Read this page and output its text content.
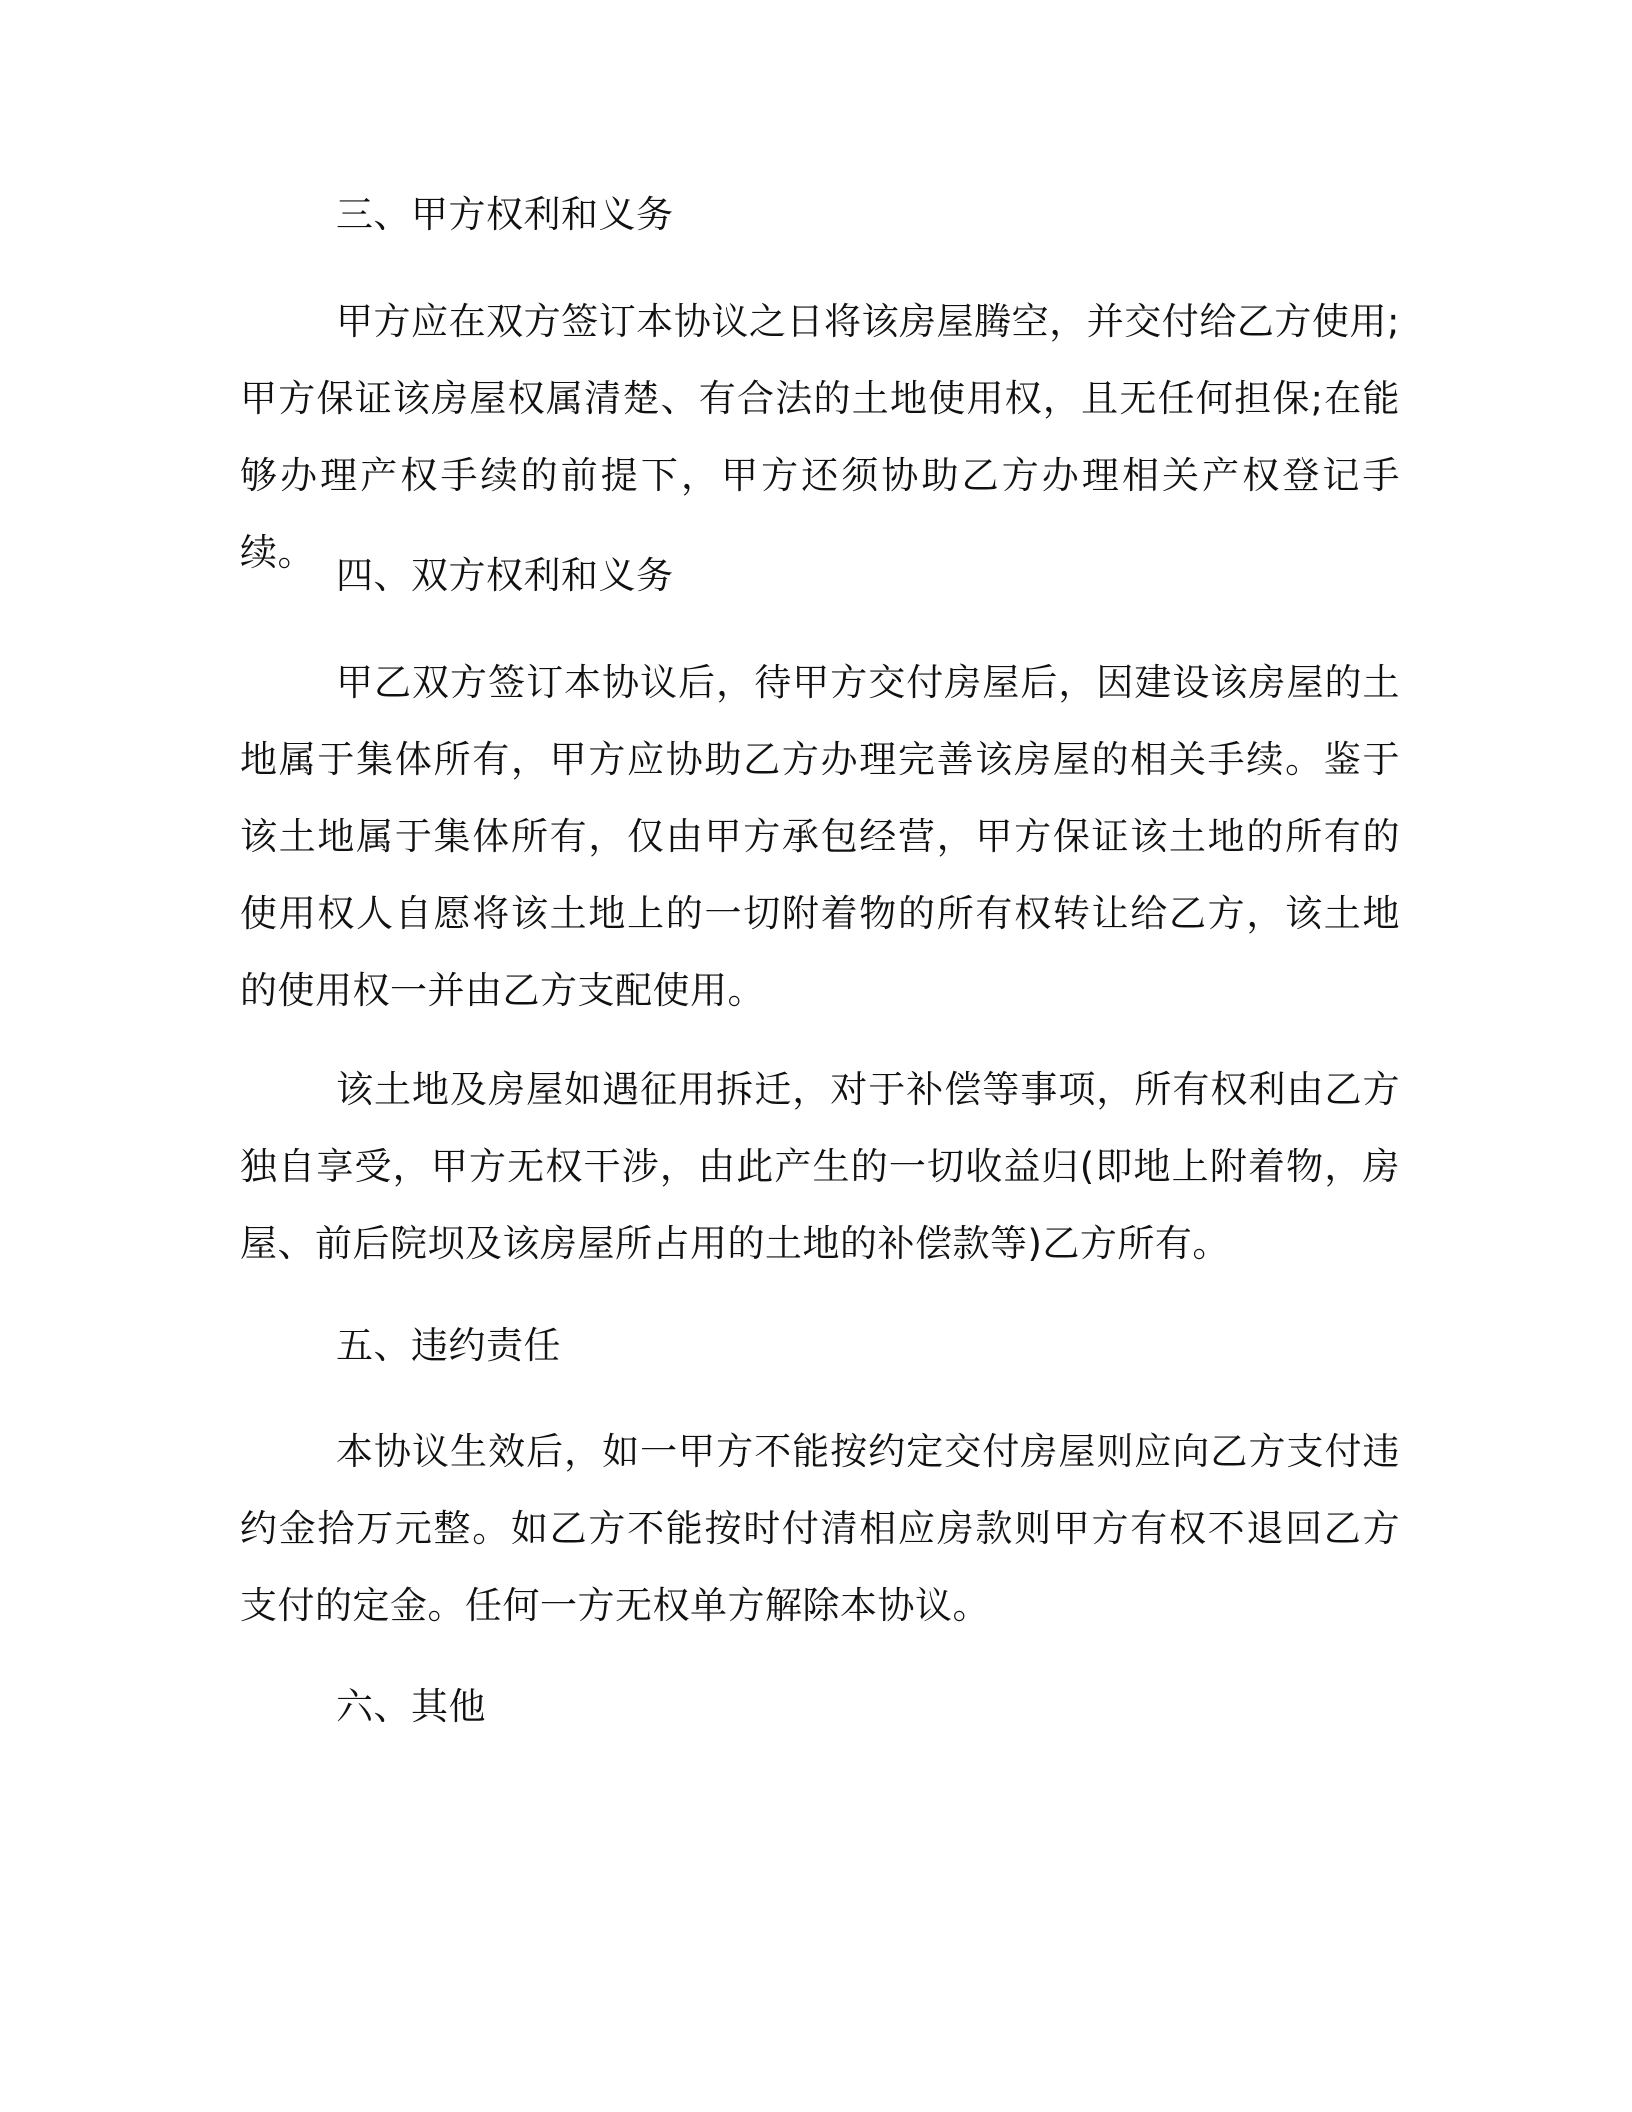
三、甲方权利和义务

甲方应在双方签订本协议之日将该房屋腾空，并交付给乙方使用;甲方保证该房屋权属清楚、有合法的土地使用权，且无任何担保;在能够办理产权手续的前提下，甲方还须协助乙方办理相关产权登记手续。

四、双方权利和义务

甲乙双方签订本协议后，待甲方交付房屋后，因建设该房屋的土地属于集体所有，甲方应协助乙方办理完善该房屋的相关手续。鉴于该土地属于集体所有，仅由甲方承包经营，甲方保证该土地的所有的使用权人自愿将该土地上的一切附着物的所有权转让给乙方，该土地的使用权一并由乙方支配使用。

该土地及房屋如遇征用拆迁，对于补偿等事项，所有权利由乙方独自享受，甲方无权干涉，由此产生的一切收益归(即地上附着物，房屋、前后院坝及该房屋所占用的土地的补偿款等)乙方所有。

五、违约责任

本协议生效后，如一甲方不能按约定交付房屋则应向乙方支付违约金拾万元整。如乙方不能按时付清相应房款则甲方有权不退回乙方支付的定金。任何一方无权单方解除本协议。

六、其他
